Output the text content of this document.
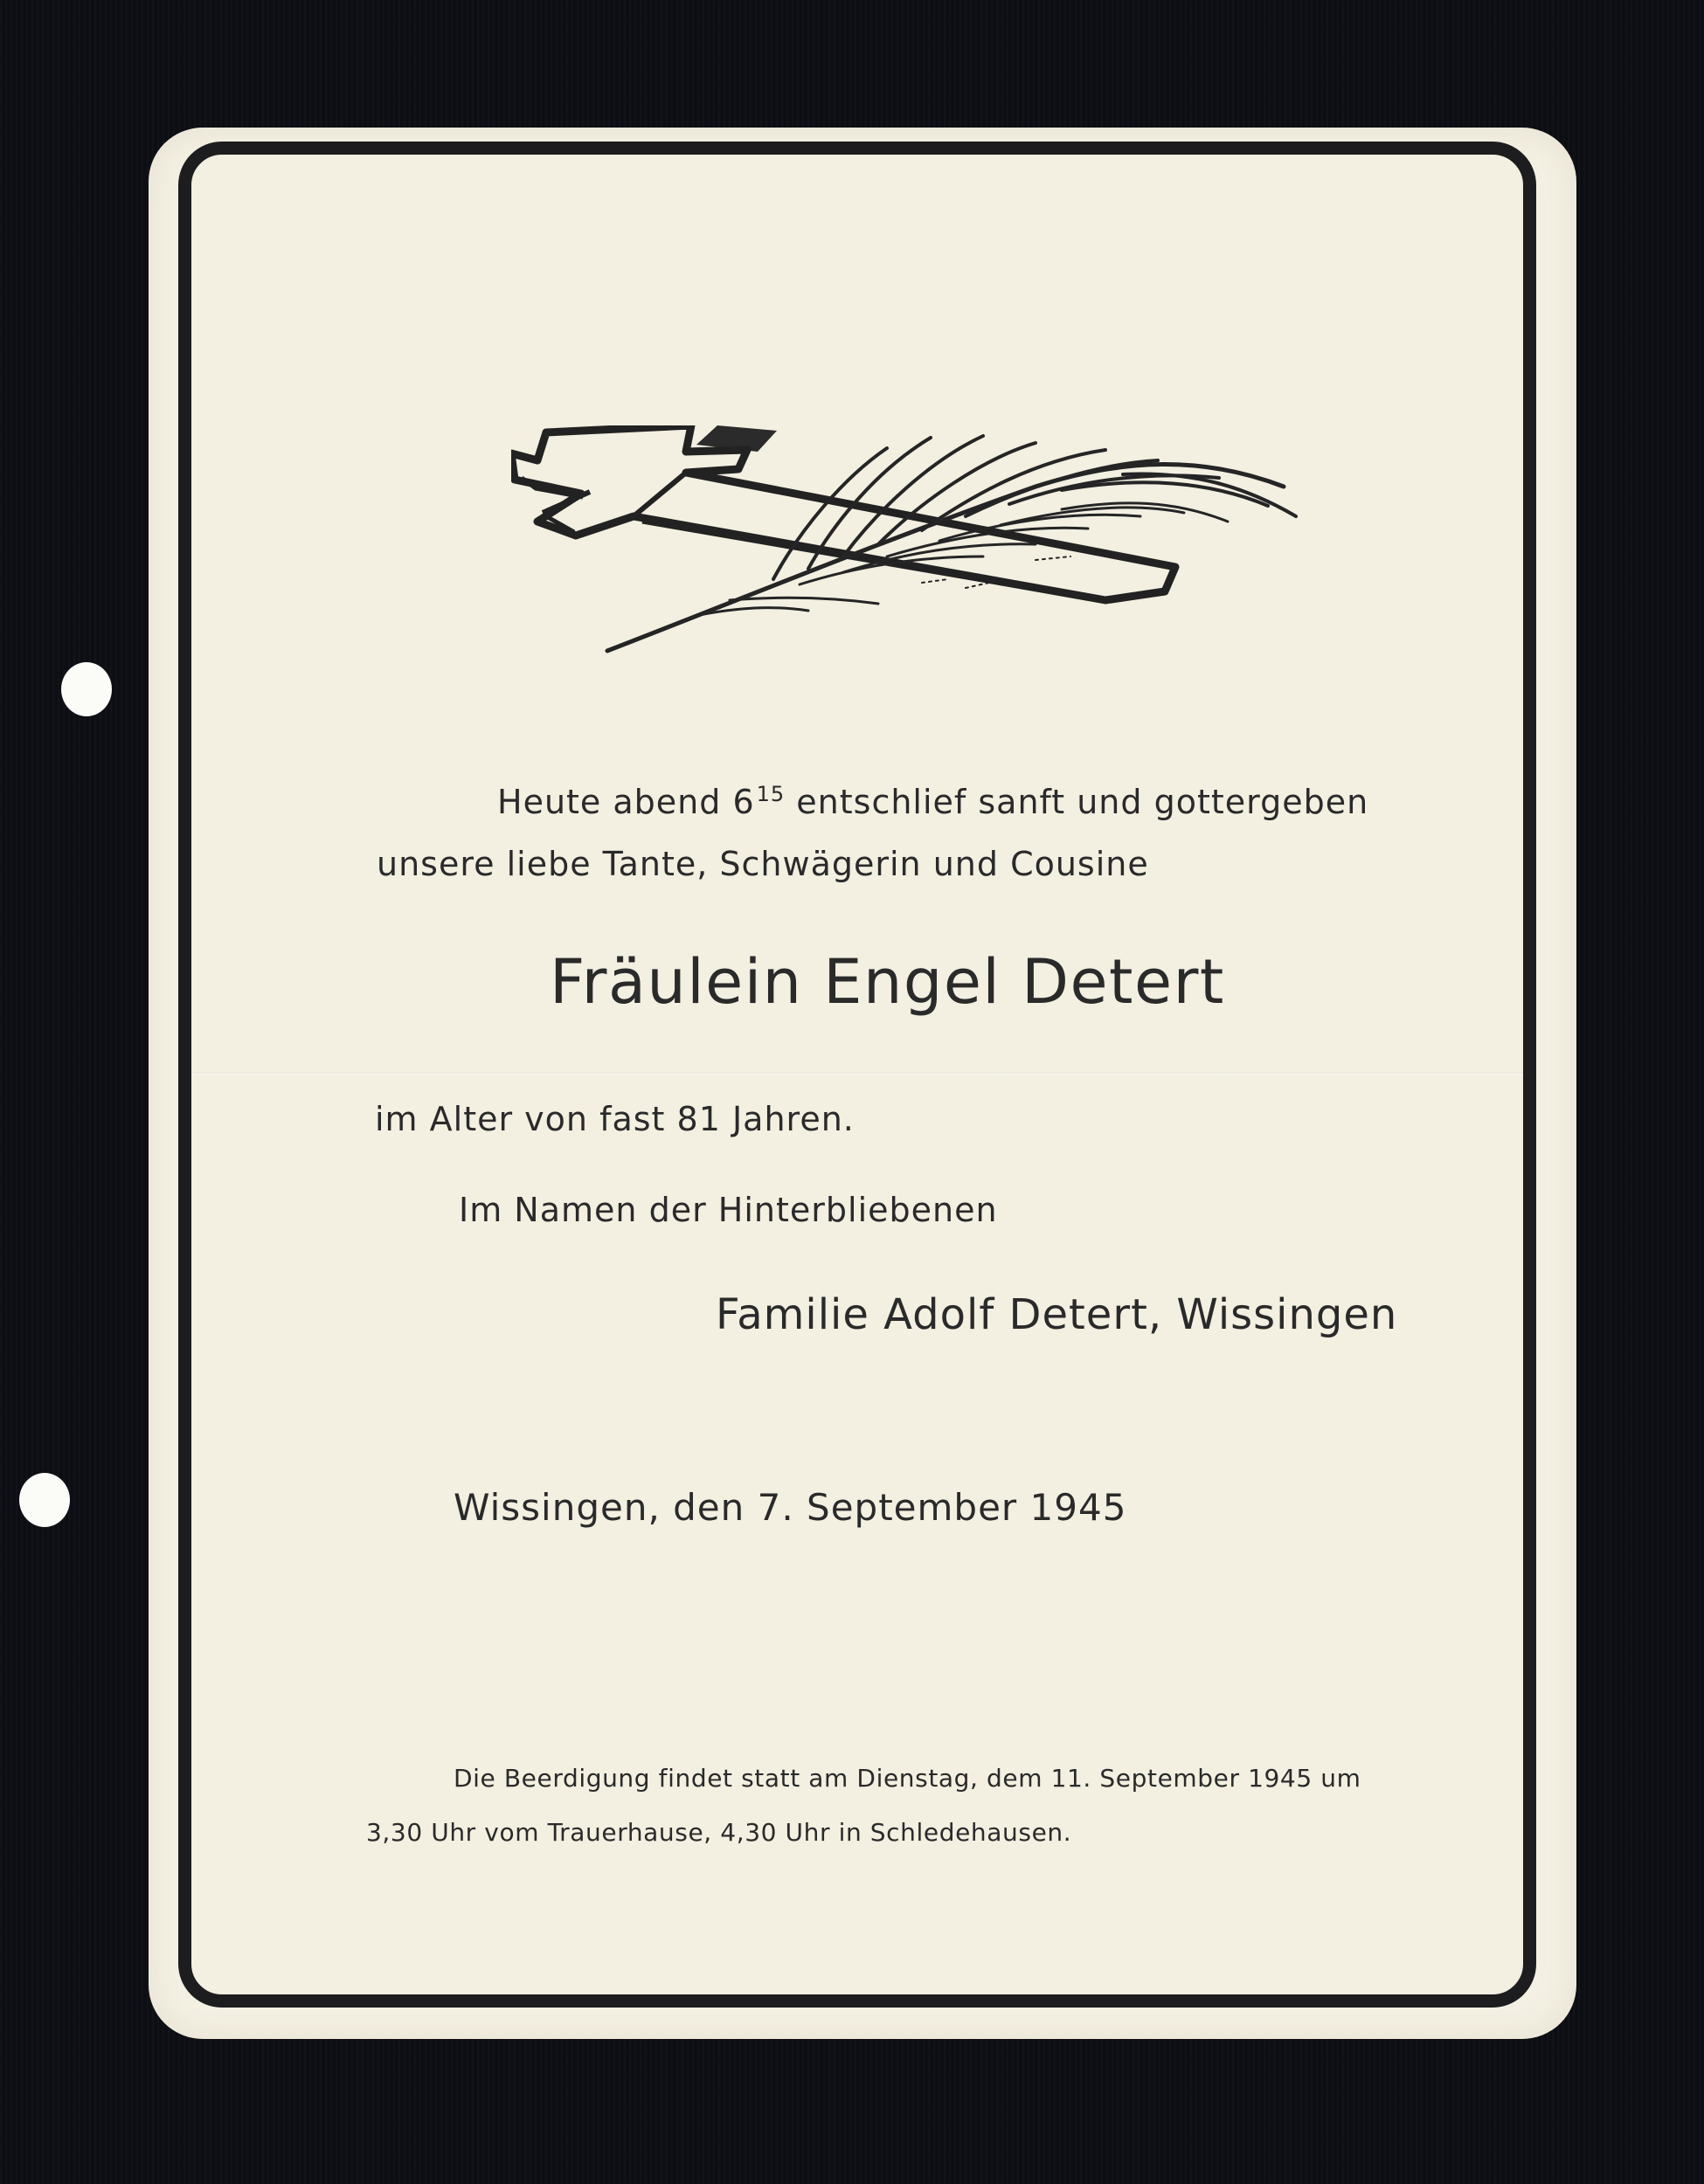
Heute abend $6^{15}$ entschlief sanft und gottergeben
unsere liebe Tante, Schwägerin und Cousine
Fräulein Engel Detert
im Alter von fast 81 Jahren.
Im Namen der Hinterbliebenen
Familie Adolf Detert, Wissingen
Wissingen, den 7. September 1945
Die Beerdigung findet statt am Dienstag, dem 11. September 1945 um
3,30 Uhr vom Trauerhause, 4,30 Uhr in Schledehausen.
